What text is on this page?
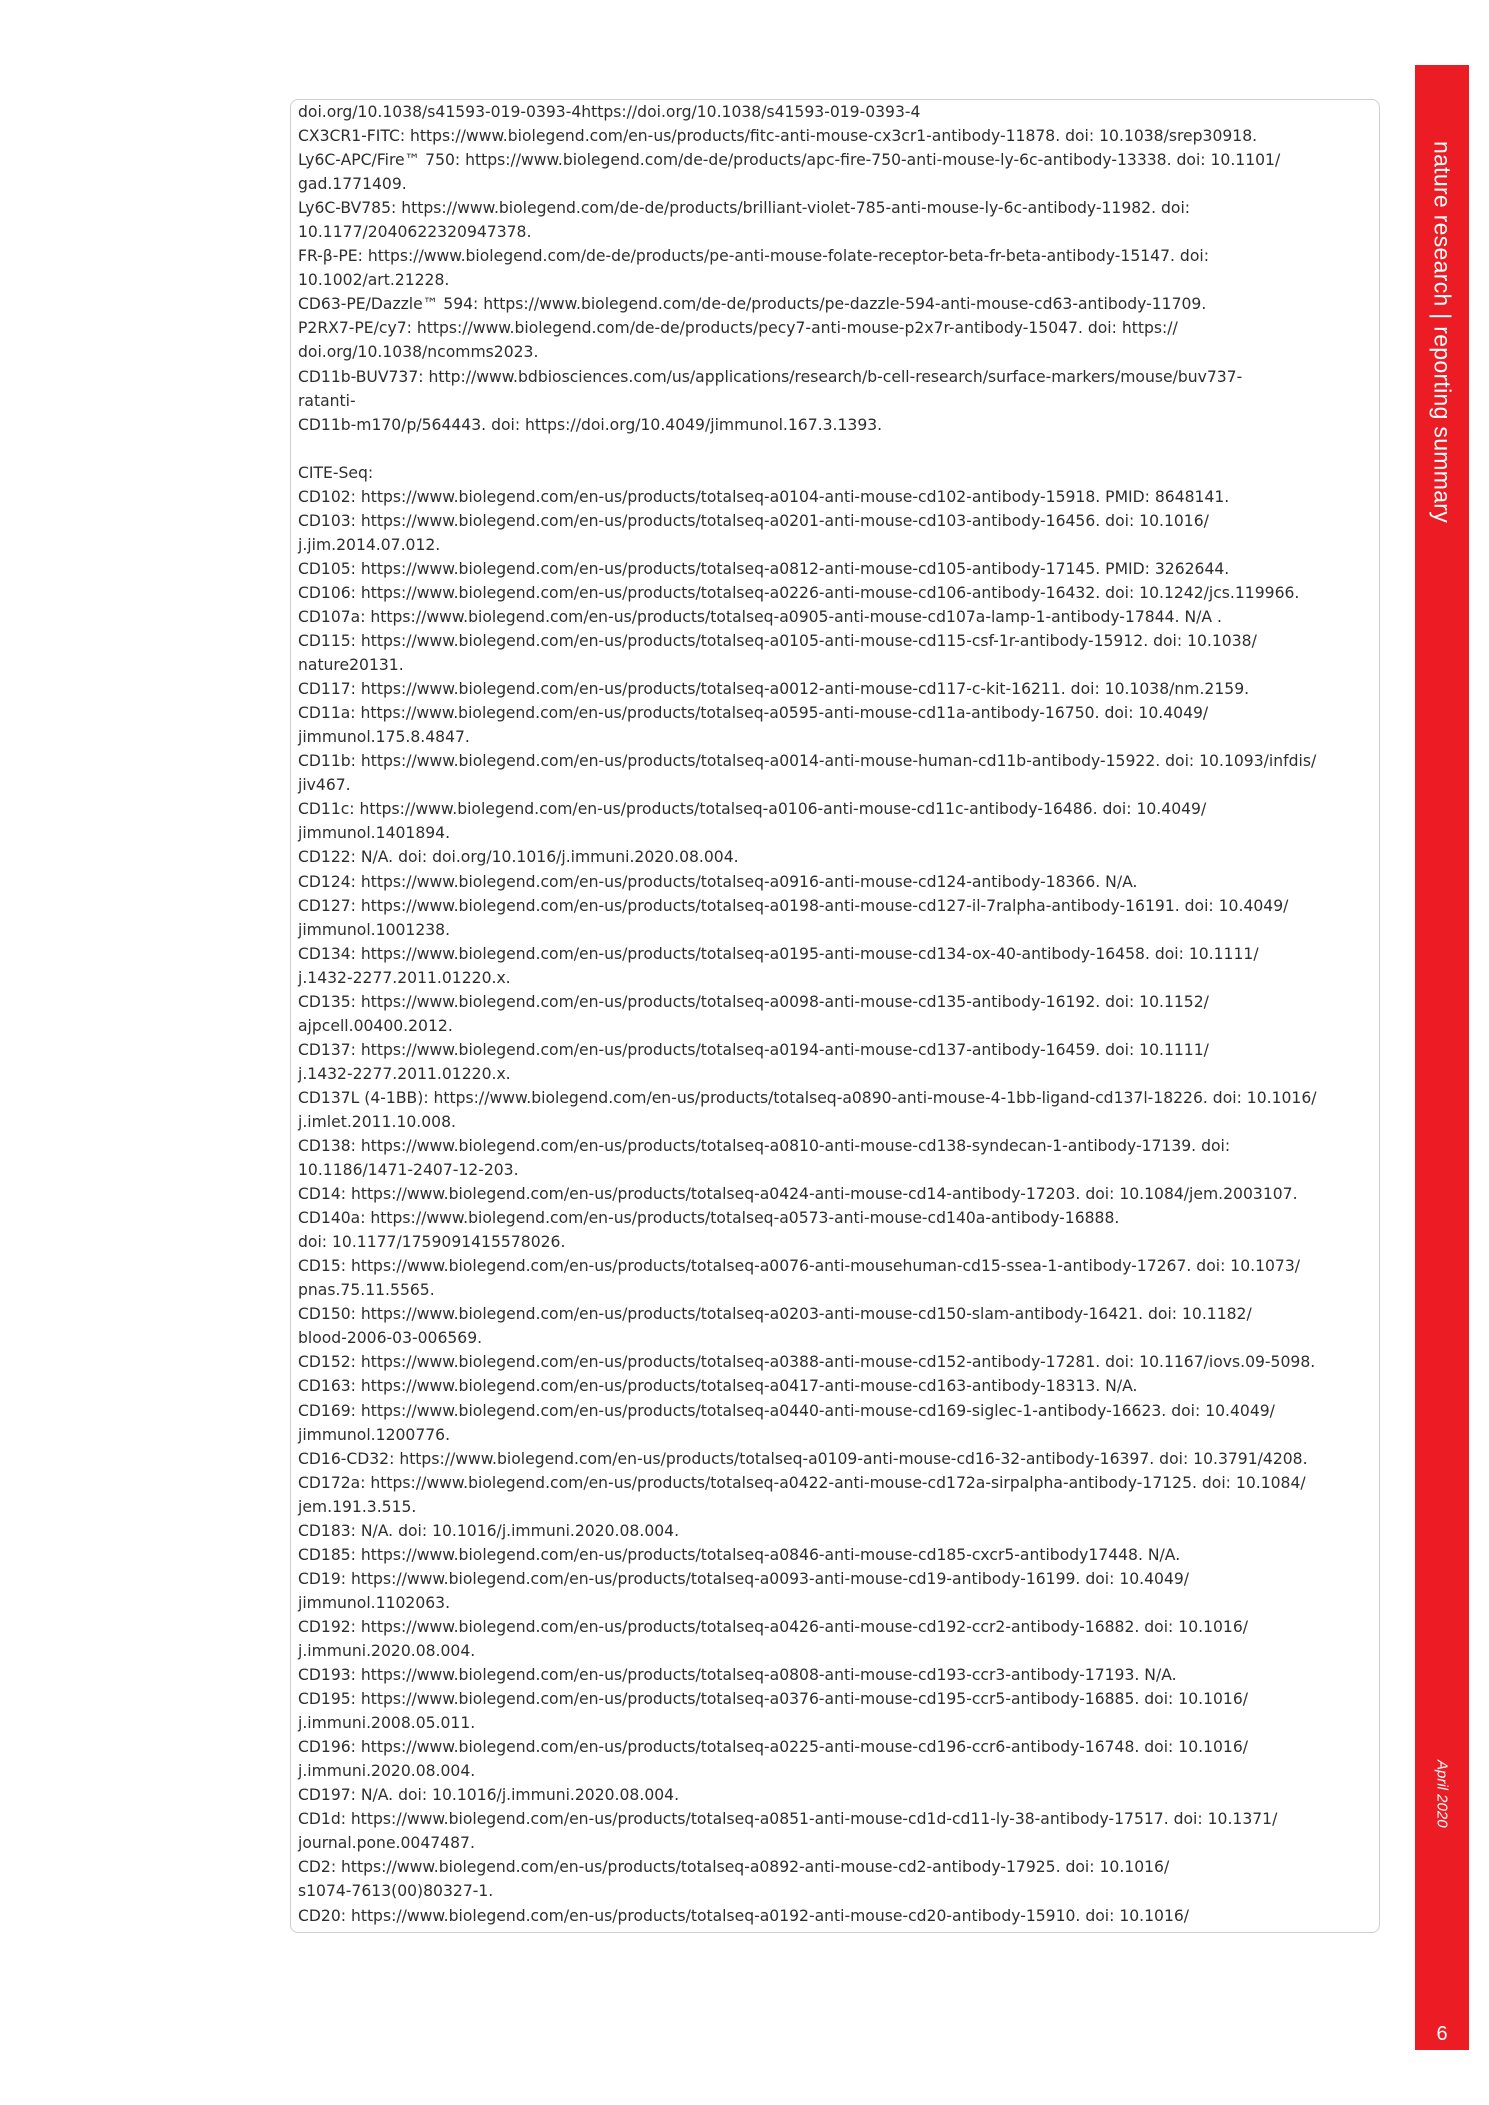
doi.org/10.1038/s41593-019-0393-4https://doi.org/10.1038/s41593-019-0393-4
CX3CR1-FITC: https://www.biolegend.com/en-us/products/fitc-anti-mouse-cx3cr1-antibody-11878. doi: 10.1038/srep30918.
Ly6C-APC/Fire™ 750: https://www.biolegend.com/de-de/products/apc-fire-750-anti-mouse-ly-6c-antibody-13338. doi: 10.1101/
gad.1771409.
Ly6C-BV785: https://www.biolegend.com/de-de/products/brilliant-violet-785-anti-mouse-ly-6c-antibody-11982. doi:
10.1177/2040622320947378.
FR-β-PE: https://www.biolegend.com/de-de/products/pe-anti-mouse-folate-receptor-beta-fr-beta-antibody-15147. doi:
10.1002/art.21228.
CD63-PE/Dazzle™ 594: https://www.biolegend.com/de-de/products/pe-dazzle-594-anti-mouse-cd63-antibody-11709.
P2RX7-PE/cy7: https://www.biolegend.com/de-de/products/pecy7-anti-mouse-p2x7r-antibody-15047. doi: https://
doi.org/10.1038/ncomms2023.
CD11b-BUV737: http://www.bdbiosciences.com/us/applications/research/b-cell-research/surface-markers/mouse/buv737-
ratanti-
CD11b-m170/p/564443. doi: https://doi.org/10.4049/jimmunol.167.3.1393.
CITE-Seq:
CD102: https://www.biolegend.com/en-us/products/totalseq-a0104-anti-mouse-cd102-antibody-15918. PMID: 8648141.
CD103: https://www.biolegend.com/en-us/products/totalseq-a0201-anti-mouse-cd103-antibody-16456. doi: 10.1016/
j.jim.2014.07.012.
CD105: https://www.biolegend.com/en-us/products/totalseq-a0812-anti-mouse-cd105-antibody-17145. PMID: 3262644.
CD106: https://www.biolegend.com/en-us/products/totalseq-a0226-anti-mouse-cd106-antibody-16432. doi: 10.1242/jcs.119966.
CD107a: https://www.biolegend.com/en-us/products/totalseq-a0905-anti-mouse-cd107a-lamp-1-antibody-17844. N/A .
CD115: https://www.biolegend.com/en-us/products/totalseq-a0105-anti-mouse-cd115-csf-1r-antibody-15912. doi: 10.1038/
nature20131.
CD117: https://www.biolegend.com/en-us/products/totalseq-a0012-anti-mouse-cd117-c-kit-16211. doi: 10.1038/nm.2159.
CD11a: https://www.biolegend.com/en-us/products/totalseq-a0595-anti-mouse-cd11a-antibody-16750. doi: 10.4049/
jimmunol.175.8.4847.
CD11b: https://www.biolegend.com/en-us/products/totalseq-a0014-anti-mouse-human-cd11b-antibody-15922. doi: 10.1093/infdis/
jiv467.
CD11c: https://www.biolegend.com/en-us/products/totalseq-a0106-anti-mouse-cd11c-antibody-16486. doi: 10.4049/
jimmunol.1401894.
CD122: N/A. doi: doi.org/10.1016/j.immuni.2020.08.004.
CD124: https://www.biolegend.com/en-us/products/totalseq-a0916-anti-mouse-cd124-antibody-18366. N/A.
CD127: https://www.biolegend.com/en-us/products/totalseq-a0198-anti-mouse-cd127-il-7ralpha-antibody-16191. doi: 10.4049/
jimmunol.1001238.
CD134: https://www.biolegend.com/en-us/products/totalseq-a0195-anti-mouse-cd134-ox-40-antibody-16458. doi: 10.1111/
j.1432-2277.2011.01220.x.
CD135: https://www.biolegend.com/en-us/products/totalseq-a0098-anti-mouse-cd135-antibody-16192. doi: 10.1152/
ajpcell.00400.2012.
CD137: https://www.biolegend.com/en-us/products/totalseq-a0194-anti-mouse-cd137-antibody-16459. doi: 10.1111/
j.1432-2277.2011.01220.x.
CD137L (4-1BB): https://www.biolegend.com/en-us/products/totalseq-a0890-anti-mouse-4-1bb-ligand-cd137l-18226. doi: 10.1016/
j.imlet.2011.10.008.
CD138: https://www.biolegend.com/en-us/products/totalseq-a0810-anti-mouse-cd138-syndecan-1-antibody-17139. doi:
10.1186/1471-2407-12-203.
CD14: https://www.biolegend.com/en-us/products/totalseq-a0424-anti-mouse-cd14-antibody-17203. doi: 10.1084/jem.2003107.
CD140a: https://www.biolegend.com/en-us/products/totalseq-a0573-anti-mouse-cd140a-antibody-16888.
doi: 10.1177/1759091415578026.
CD15: https://www.biolegend.com/en-us/products/totalseq-a0076-anti-mousehuman-cd15-ssea-1-antibody-17267. doi: 10.1073/
pnas.75.11.5565.
CD150: https://www.biolegend.com/en-us/products/totalseq-a0203-anti-mouse-cd150-slam-antibody-16421. doi: 10.1182/
blood-2006-03-006569.
CD152: https://www.biolegend.com/en-us/products/totalseq-a0388-anti-mouse-cd152-antibody-17281. doi: 10.1167/iovs.09-5098.
CD163: https://www.biolegend.com/en-us/products/totalseq-a0417-anti-mouse-cd163-antibody-18313. N/A.
CD169: https://www.biolegend.com/en-us/products/totalseq-a0440-anti-mouse-cd169-siglec-1-antibody-16623. doi: 10.4049/
jimmunol.1200776.
CD16-CD32: https://www.biolegend.com/en-us/products/totalseq-a0109-anti-mouse-cd16-32-antibody-16397. doi: 10.3791/4208.
CD172a: https://www.biolegend.com/en-us/products/totalseq-a0422-anti-mouse-cd172a-sirpalpha-antibody-17125. doi: 10.1084/
jem.191.3.515.
CD183: N/A. doi: 10.1016/j.immuni.2020.08.004.
CD185: https://www.biolegend.com/en-us/products/totalseq-a0846-anti-mouse-cd185-cxcr5-antibody17448. N/A.
CD19: https://www.biolegend.com/en-us/products/totalseq-a0093-anti-mouse-cd19-antibody-16199. doi: 10.4049/
jimmunol.1102063.
CD192: https://www.biolegend.com/en-us/products/totalseq-a0426-anti-mouse-cd192-ccr2-antibody-16882. doi: 10.1016/
j.immuni.2020.08.004.
CD193: https://www.biolegend.com/en-us/products/totalseq-a0808-anti-mouse-cd193-ccr3-antibody-17193. N/A.
CD195: https://www.biolegend.com/en-us/products/totalseq-a0376-anti-mouse-cd195-ccr5-antibody-16885. doi: 10.1016/
j.immuni.2008.05.011.
CD196: https://www.biolegend.com/en-us/products/totalseq-a0225-anti-mouse-cd196-ccr6-antibody-16748. doi: 10.1016/
j.immuni.2020.08.004.
CD197: N/A. doi: 10.1016/j.immuni.2020.08.004.
CD1d: https://www.biolegend.com/en-us/products/totalseq-a0851-anti-mouse-cd1d-cd11-ly-38-antibody-17517. doi: 10.1371/
journal.pone.0047487.
CD2: https://www.biolegend.com/en-us/products/totalseq-a0892-anti-mouse-cd2-antibody-17925. doi: 10.1016/
s1074-7613(00)80327-1.
CD20: https://www.biolegend.com/en-us/products/totalseq-a0192-anti-mouse-cd20-antibody-15910. doi: 10.1016/
nature research | reporting summary
April 2020
6
